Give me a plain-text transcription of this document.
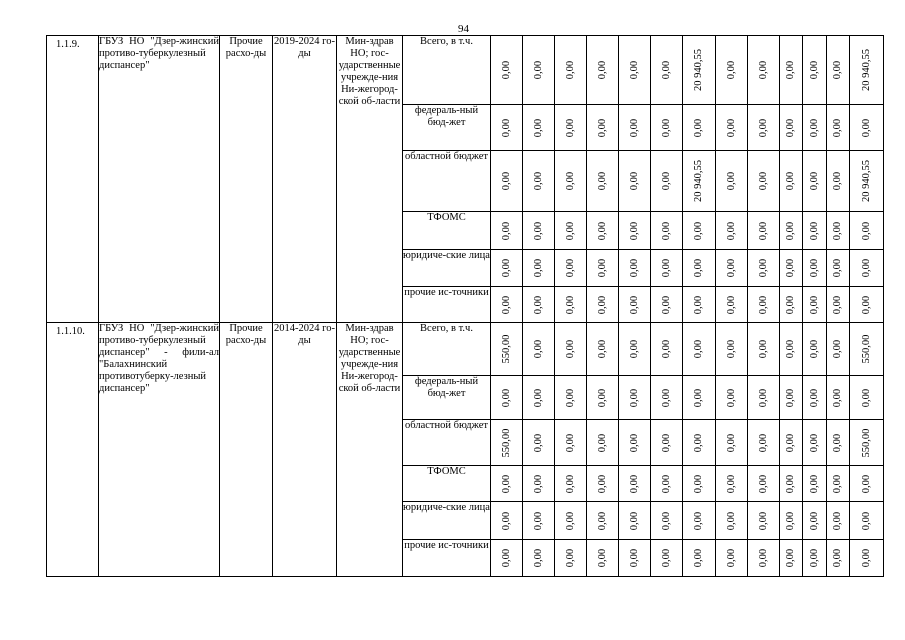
94
1.1.9.	ГБУЗ НО "Дзер-жинский противо-туберкулезный диспансер"	Прочие расхо-ды	2019-2024 го-ды	Мин-здрав НО; гос-ударственные учрежде-ния Ни-жегород-ской об-ласти	Всего, в т.ч.	0,00	0,00	0,00	0,00	0,00	0,00	20 940,55	0,00	0,00	0,00	0,00	0,00	20 940,55

					федераль-ный бюд-жет	0,00	0,00	0,00	0,00	0,00	0,00	0,00	0,00	0,00	0,00	0,00	0,00	0,00

					областной бюджет	0,00	0,00	0,00	0,00	0,00	0,00	20 940,55	0,00	0,00	0,00	0,00	0,00	20 940,55

					ТФОМС	0,00	0,00	0,00	0,00	0,00	0,00	0,00	0,00	0,00	0,00	0,00	0,00	0,00

					юридиче-ские лица	0,00	0,00	0,00	0,00	0,00	0,00	0,00	0,00	0,00	0,00	0,00	0,00	0,00

					прочие ис-точники	0,00	0,00	0,00	0,00	0,00	0,00	0,00	0,00	0,00	0,00	0,00	0,00	0,00

1.1.10.	ГБУЗ НО "Дзер-жинский противо-туберкулезный диспансер" - фили-ал "Балахнинский противотуберку-лезный диспансер"	Прочие расхо-ды	2014-2024 го-ды	Мин-здрав НО; гос-ударственные учрежде-ния Ни-жегород-ской об-ласти	Всего, в т.ч.	550,00	0,00	0,00	0,00	0,00	0,00	0,00	0,00	0,00	0,00	0,00	0,00	550,00

					федераль-ный бюд-жет	0,00	0,00	0,00	0,00	0,00	0,00	0,00	0,00	0,00	0,00	0,00	0,00	0,00

					областной бюджет	550,00	0,00	0,00	0,00	0,00	0,00	0,00	0,00	0,00	0,00	0,00	0,00	550,00

					ТФОМС	0,00	0,00	0,00	0,00	0,00	0,00	0,00	0,00	0,00	0,00	0,00	0,00	0,00

					юридиче-ские лица	0,00	0,00	0,00	0,00	0,00	0,00	0,00	0,00	0,00	0,00	0,00	0,00	0,00

					прочие ис-точники	0,00	0,00	0,00	0,00	0,00	0,00	0,00	0,00	0,00	0,00	0,00	0,00	0,00
